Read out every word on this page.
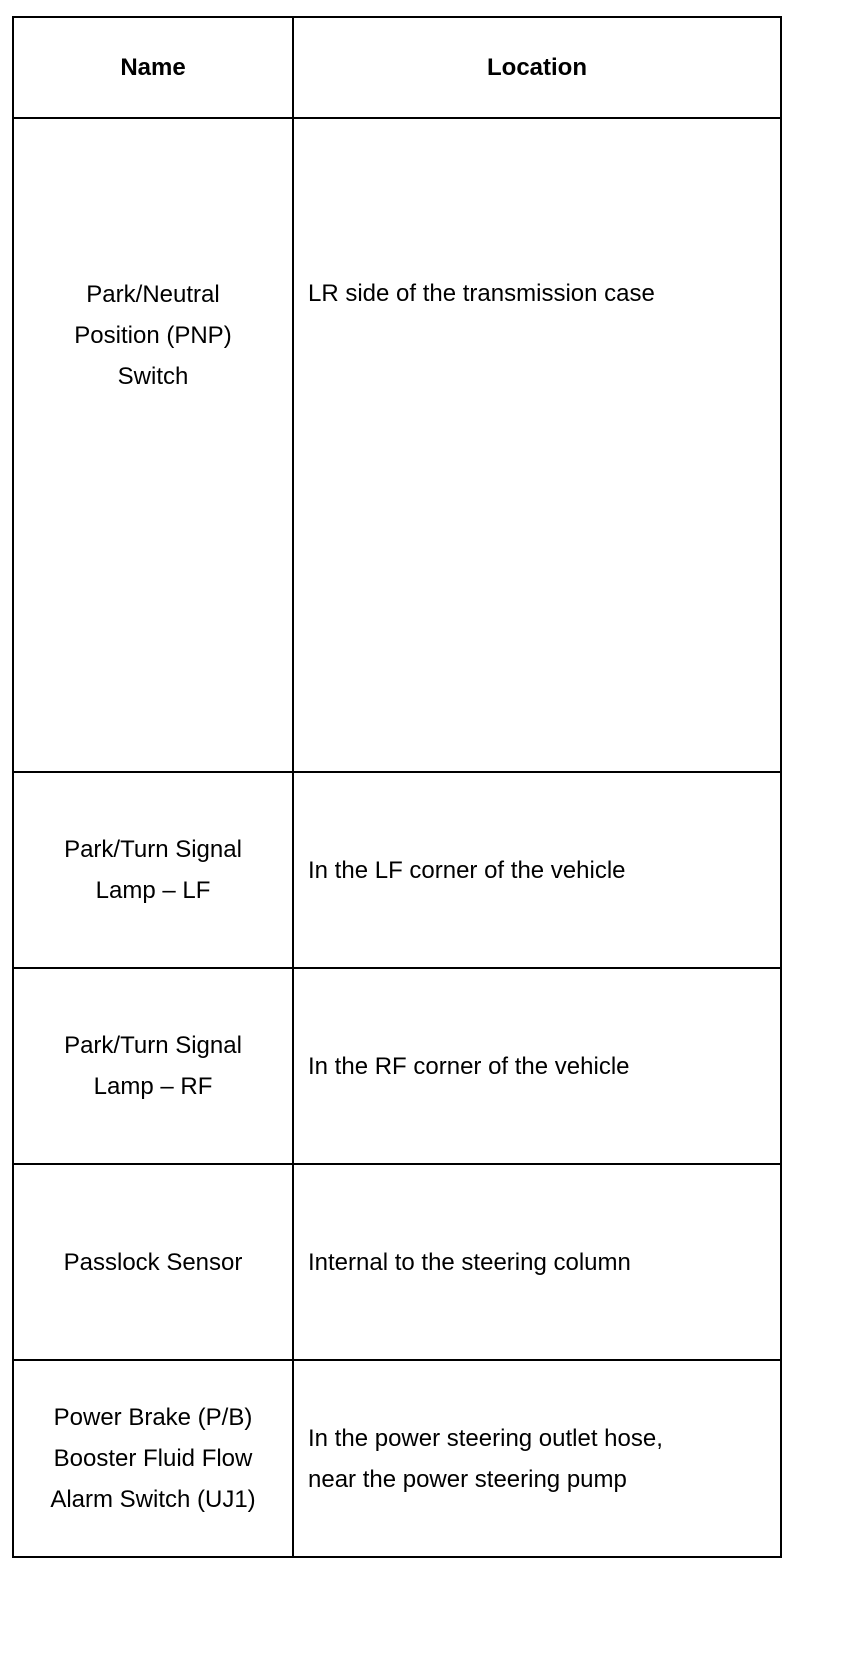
Name	Location

Park/Neutral
Position (PNP)
Switch	LR side of the transmission case

Park/Turn Signal
Lamp – LF	In the LF corner of the vehicle

Park/Turn Signal
Lamp – RF	In the RF corner of the vehicle

Passlock Sensor	Internal to the steering column

Power Brake (P/B)
Booster Fluid Flow
Alarm Switch (UJ1)	In the power steering outlet hose,
near the power steering pump
